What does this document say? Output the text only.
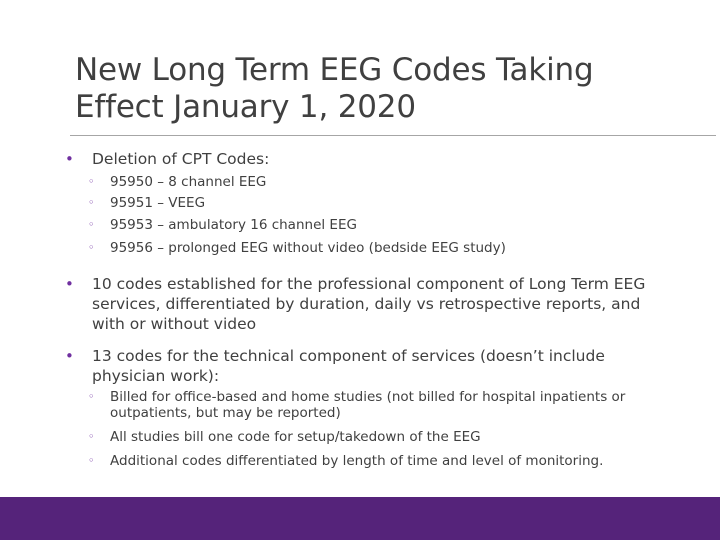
New Long Term EEG Codes Taking Effect January 1, 2020
• Deletion of CPT Codes:
◦ 95950 – 8 channel EEG
◦ 95951 – VEEG
◦ 95953 – ambulatory 16 channel EEG
◦ 95956 – prolonged EEG without video (bedside EEG study)
• 10 codes established for the professional component of Long Term EEG services, differentiated by duration, daily vs retrospective reports, and with or without video
• 13 codes for the technical component of services (doesn’t include physician work):
◦ Billed for office-based and home studies (not billed for hospital inpatients or outpatients, but may be reported)
◦ All studies bill one code for setup/takedown of the EEG
◦ Additional codes differentiated by length of time and level of monitoring.
